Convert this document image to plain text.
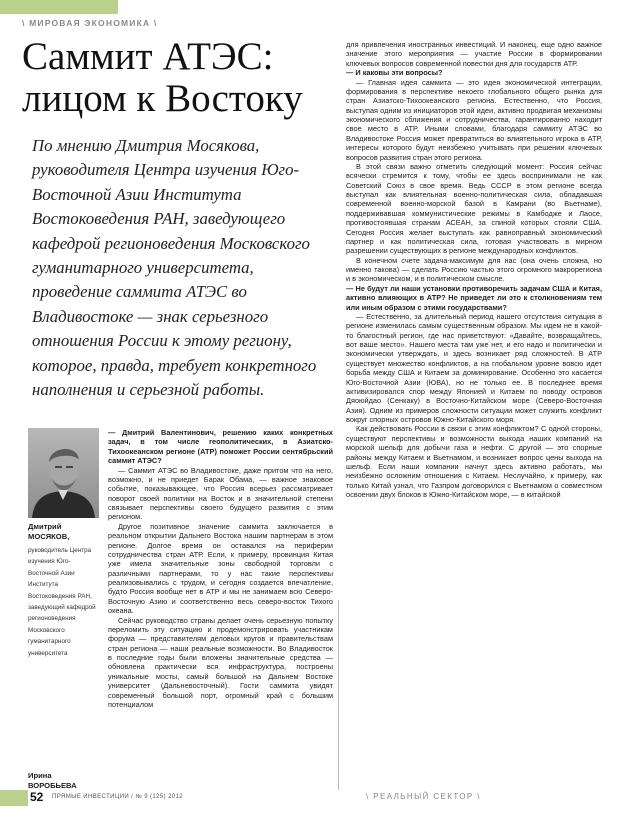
\ МИРОВАЯ ЭКОНОМИКА \
Саммит АТЭС:
лицом к Востоку

По мнению Дмитрия Мосякова, руководителя Центра изучения Юго-Восточной Азии Института Востоковедения РАН, заведующего кафедрой регионоведения Московского гуманитарного университета, проведение саммита АТЭС во Владивостоке — знак серьезного отношения России к этому региону, которое, правда, требует конкретного наполнения и серьезной работы.

Дмитрий
МОСЯКОВ,
руководитель Центра изучения Юго-Восточной Азии Института Востоковедения РАН, заведующий кафедрой регионоведения Московского гуманитарного университета
Ирина
ВОРОБЬЕВА

— Дмитрий Валентинович, решению каких конкретных задач, в том числе геополитических, в Азиатско-Тихоокеанском регионе (АТР) поможет России сентябрьский саммит АТЭС?

— Саммит АТЭС во Владивостоке, даже притом что на него, возможно, и не приедет Барак Обама, — важное знаковое событие, показывающее, что Россия всерьез рассматривает поворот своей политики на Восток и в значительной степени связывает перспективы своего будущего развития с этим регионом.

Другое позитивное значение саммита заключается в реальном открытии Дальнего Востока нашим партнерам в этом регионе. Долгое время он оставался на периферии сотрудничества стран АТР. Если, к примеру, провинция Китая уже имела значительные зоны свободной торговли с различными партнерами, то у нас такие перспективы реализовывались с трудом, и сегодня создается впечатление, будто Россия вообще нет в АТР и мы не занимаем всю Северо-Восточную Азию и соответственно весь северо-восток Тихого океана.

Сейчас руководство страны делает очень серьезную попытку переломить эту ситуацию и продемонстрировать участникам форума — представителям деловых кругов и правительствам стран региона — наши реальные возможности. Во Владивосток в последние годы были вложены значительные средства — обновлена практически вся инфраструктура, построены уникальные мосты, самый большой на Дальнем Востоке университет (Дальневосточный). Гости саммита увидят современный большой порт, огромный край с большим потенциалом

для привлечения иностранных инвестиций. И наконец, еще одно важное значение этого мероприятия — участие России в формировании ключевых вопросов современной повестки дня для государств АТР.

— И каковы эти вопросы?

— Главная идея саммита — это идея экономической интеграции, формирования в перспективе некоего глобального общего рынка для стран Азиатско-Тихоокеанского региона. Естественно, что Россия, выступая одним из инициаторов этой идеи, активно продвигая механизмы экономического сближения и сотрудничества, гарантированно находит свое место в АТР. Иными словами, благодаря саммиту АТЭС во Владивостоке Россия может превратиться во влиятельного игрока в АТР, интересы которого будут неизбежно учитывать при решении ключевых вопросов развития стран этого региона.

В этой связи важно отметить следующий момент: Россия сейчас всячески стремится к тому, чтобы ее здесь воспринимали не как Советский Союз в свое время. Ведь СССР в этом регионе всегда выступал как влиятельная военно-политическая сила, обладавшая современной военно-морской базой в Камрани (во Вьетнаме), поддерживавшая коммунистические режимы в Камбодже и Лаосе, противостоявшая странам АСЕАН, за спиной которых стояли США. Сегодня Россия желает выступать как равноправный экономический партнер и как политическая сила, готовая участвовать в мирном разрешении существующих в регионе международных конфликтов.

В конечном счете задача-максимум для нас (она очень сложна, но именно такова) — сделать Россию частью этого огромного макрорегиона и в экономическом, и в политическом смысле.

— Не будут ли наши установки противоречить задачам США и Китая, активно влияющих в АТР? Не приведет ли это к столкновениям тем или иным образом с этими государствами?

— Естественно, за длительный период нашего отсутствия ситуация в регионе изменилась самым существенным образом. Мы идем не в какой-то благостный регион, где нас приветствуют: «Давайте, возвращайтесь, вот ваше место». Нашего места там уже нет, и его надо и политически и экономически утверждать, и здесь возникает ряд сложностей. В АТР существует множество конфликтов, а на глобальном уровне вовсю идет борьба между США и Китаем за доминирование. Особенно это касается Юго-Восточной Азии (ЮВА), но не только ее. В последнее время активизировался спор между Японией и Китаем по поводу островов Дяоюйдао (Сенкаку) в Восточно-Китайском море (Северо-Восточная Азия). Одним из примеров сложности ситуации может служить конфликт вокруг спорных островов Южно-Китайского моря.

Как действовать России в связи с этим конфликтом? С одной стороны, существуют перспективы и возможности выхода наших компаний на морской шельф для добычи газа и нефти. С другой — это спорные районы между Китаем и Вьетнамом, и возникает вопрос цены выхода на шельф. Если наши компании начнут здесь активно работать, мы неизбежно осложним отношения с Китаем. Неслучайно, к примеру, как только Китай узнал, что Газпром договорился с Вьетнамом о совместном освоении двух блоков в Южно-Китайском море, — в китайской

52 ПРЯМЫЕ ИНВЕСТИЦИИ / № 9 (125) 2012	\ РЕАЛЬНЫЙ СЕКТОР \
